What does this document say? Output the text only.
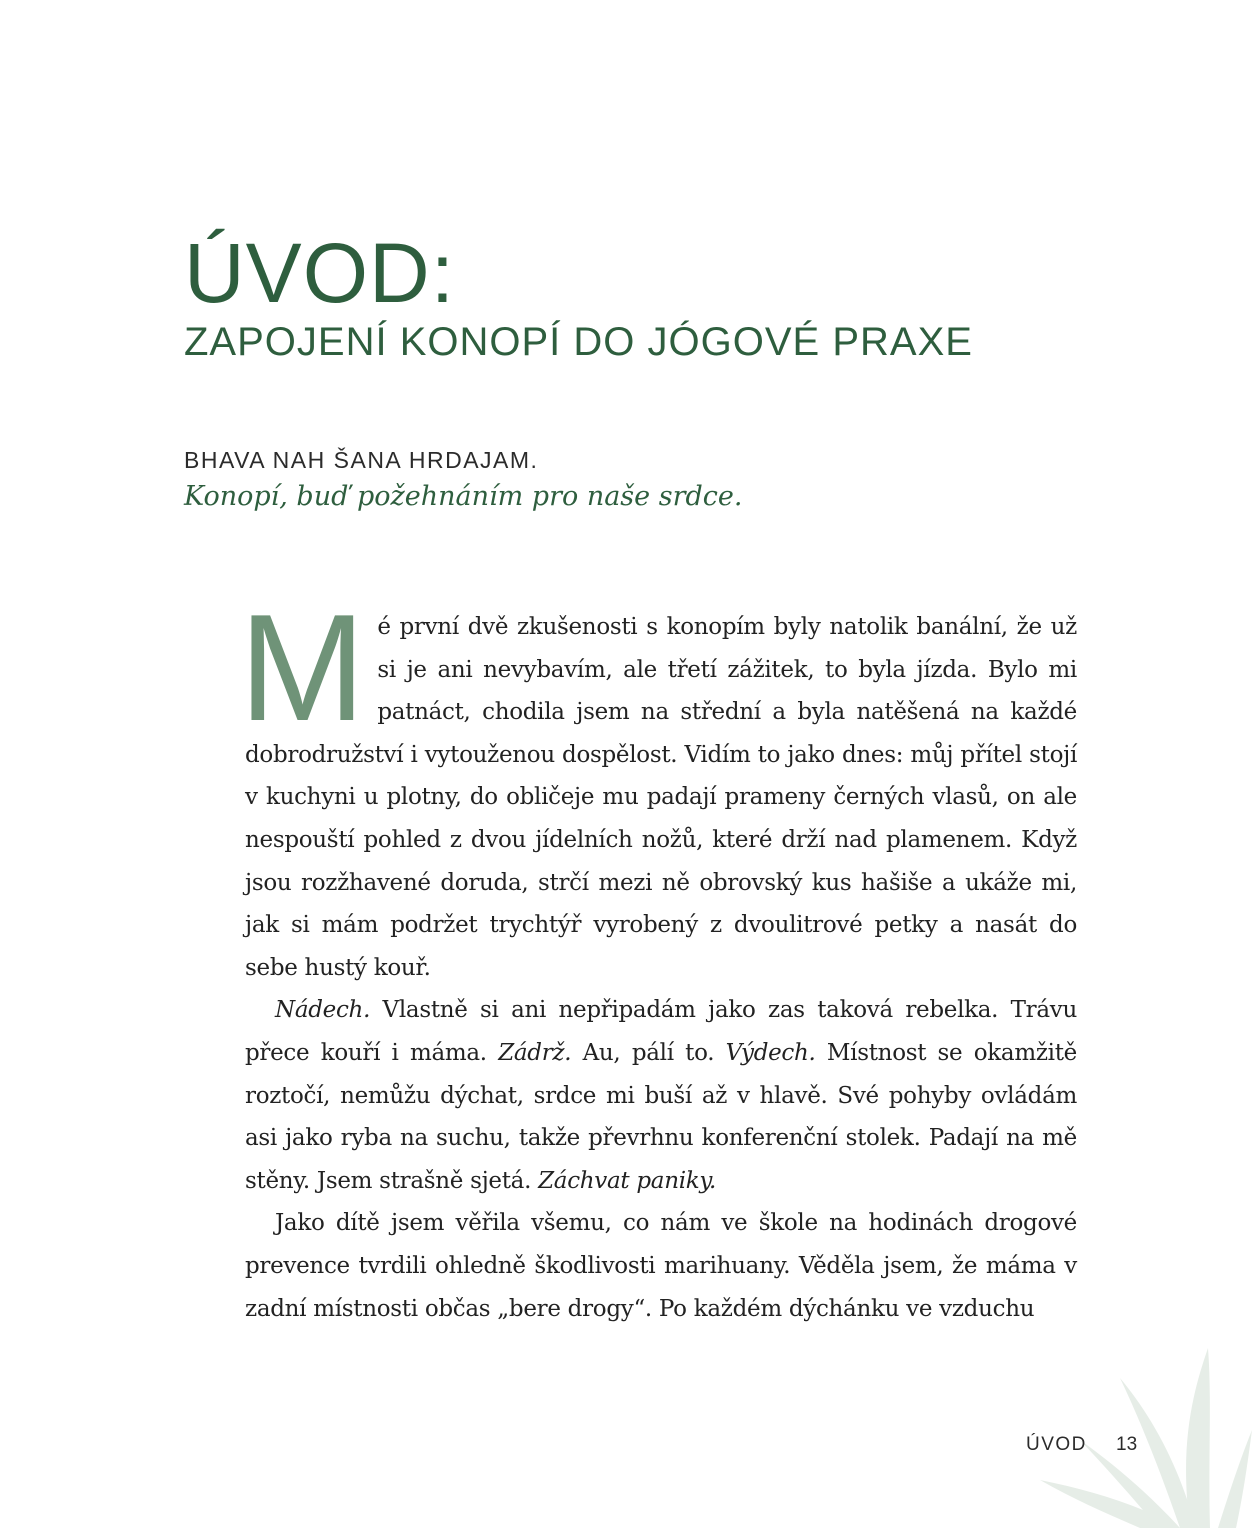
ÚVOD:
ZAPOJENÍ KONOPÍ DO JÓGOVÉ PRAXE

BHAVA NAH ŠANA HRDAJAM.

Konopí, buď požehnáním pro naše srdce.

Mé první dvě zkušenosti s konopím byly natolik banální, že už si je ani nevybavím, ale třetí zážitek, to byla jízda. Bylo mi patnáct, chodila jsem na střední a byla natěšená na každé dobrodružství i vytouženou dospělost. Vidím to jako dnes: můj přítel stojí v kuchyni u plotny, do obličeje mu padají prameny černých vlasů, on ale nespouští pohled z dvou jídelních nožů, které drží nad plamenem. Když jsou rozžhavené doruda, strčí mezi ně obrovský kus hašiše a ukáže mi, jak si mám podržet trychtýř vyrobený z dvoulitrové petky a nasát do sebe hustý kouř.

Nádech. Vlastně si ani nepřipadám jako zas taková rebelka. Trávu přece kouří i máma. Zádrž. Au, pálí to. Výdech. Místnost se okamžitě roztočí, nemůžu dýchat, srdce mi buší až v hlavě. Své pohyby ovládám asi jako ryba na suchu, takže převrhnu konferenční stolek. Padají na mě stěny. Jsem strašně sjetá. Záchvat paniky.

Jako dítě jsem věřila všemu, co nám ve škole na hodinách drogové prevence tvrdili ohledně škodlivosti marihuany. Věděla jsem, že máma v zadní místnosti občas „bere drogy“. Po každém dýchánku ve vzduchu

ÚVOD 13
